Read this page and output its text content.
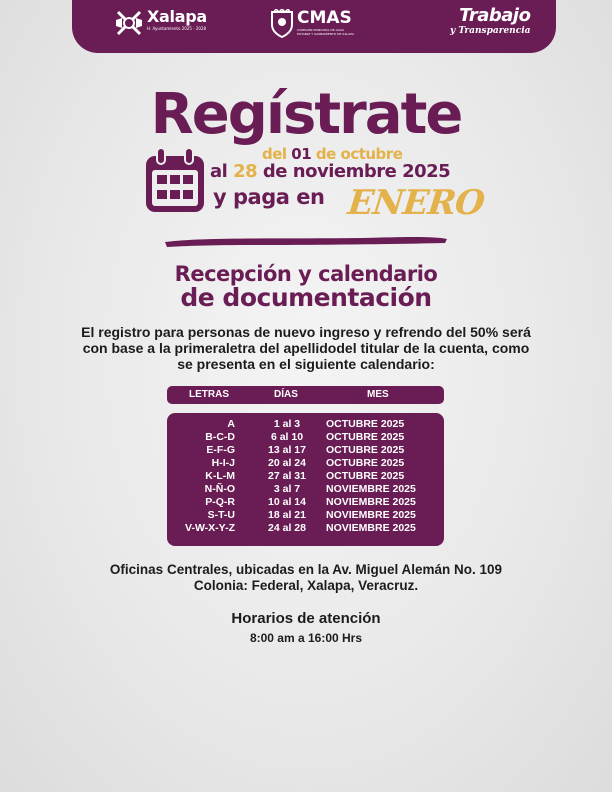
Xalapa
H. Ayuntamiento 2025 - 2028
CMAS
COMISIÓN MUNICIPAL DE AGUA POTABLE Y SANEAMIENTO DE XALAPA
Trabajo
y Transparencia
Regístrate
del 01 de octubre
al 28 de noviembre 2025
y paga en ENERO
Recepción y calendario
de documentación
El registro para personas de nuevo ingreso y refrendo del 50% será
con base a la primeraletra del apellidodel titular de la cuenta, como
se presenta en el siguiente calendario:
LETRAS	DÍAS	MES
A	1 al 3	OCTUBRE 2025
B-C-D	6 al 10	OCTUBRE 2025
E-F-G	13 al 17 OCTUBRE 2025
H-I-J	20 al 24 OCTUBRE 2025
K-L-M	27 al 31 OCTUBRE 2025
N-Ñ-O	3 al 7	NOVIEMBRE 2025
P-Q-R	10 al 14 NOVIEMBRE 2025
S-T-U	18 al 21 NOVIEMBRE 2025
V-W-X-Y-Z	24 al 28 NOVIEMBRE 2025
Oficinas Centrales, ubicadas en la Av. Miguel Alemán No. 109
Colonia: Federal, Xalapa, Veracruz.
Horarios de atención
8:00 am a 16:00 Hrs
